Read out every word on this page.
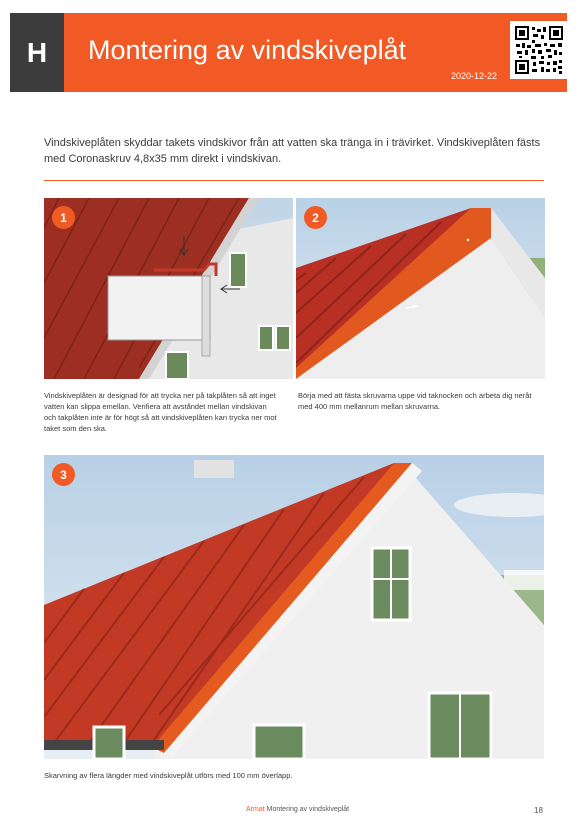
H	Montering av vindskiveplåt
2020-12-22
Vindskiveplåten skyddar takets vindskivor från att vatten ska tränga in i trävirket. Vindskiveplåten fästs med Coronaskruv 4,8x35 mm direkt i vindskivan.
1	2
Vindskiveplåten är designad för att trycka ner på takplåten så att inget vatten kan slippa emellan. Verifiera att avståndet mellan vindskivan och takplåten inte är för högt så att vindskiveplåten kan trycka ner mot taket som den ska.
Börja med att fästa skruvarna uppe vid taknocken och arbeta dig neråt med 400 mm mellanrum mellan skruvarna.
3
Skarvning av flera längder med vindskiveplåt utförs med 100 mm överlapp.
Armat Montering av vindskiveplåt	18
